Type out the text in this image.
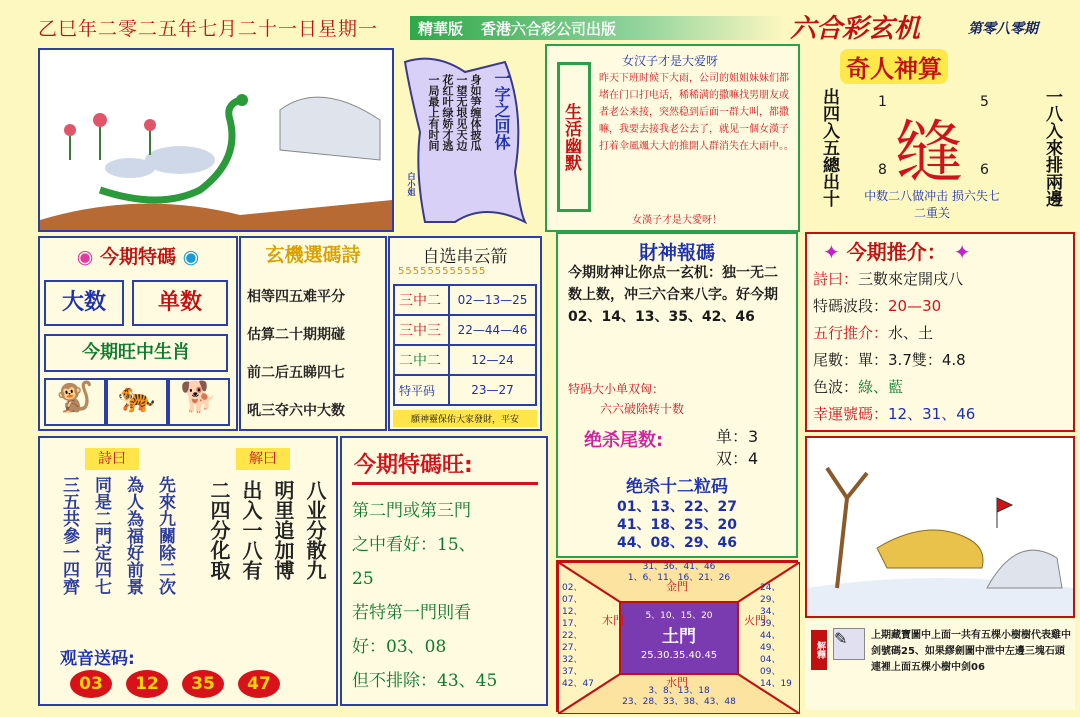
乙巳年二零二五年七月二十一日星期一	精華版 香港六合彩公司出版	六合彩玄机	第零八零期
一字之回体
身如笋缠体披瓜
一望无垠见天边
花红叶绿娇才逃
一局最上有时间
白小姐
生活幽默
女汉子才是大爱呀
昨天下班时候下大雨，公司的姐姐妹妹们都堵在门口打电话，稀稀满的撒嘛找男朋友或者老公来接，突然稳到后面一群大叫，都撒嘛，我要去接我老公去了，就见一個女漢子打着伞風颯大大的推開人群消失在大雨中。。
女漢子才是大愛呀！
奇人神算
出四入五總出十	一八入來排兩邊
缝
1	5
8	6
中数二八做冲击 损六失七二重关
◉ 今期特碼 ◉
大数	单数
今期旺中生肖
🐒 🐅 🐕
玄機選碼詩
相等四五难平分
估算二十期期碰
前二后五睇四七
吼三夺六中大数
自选串云箭
555555555555
三中二	02—13—25
三中三	22—44—46
二中二	12—24
特平码	23—27
願神靈保佑大家發財，平安
財神報碼
今期财神让你点一玄机：独一无二数上数，冲三六合来八字。好今期02、14、13、35、42、46
特码大小单双匈：
六六破除转十数
绝杀尾数:	单：3
双：4
绝杀十二粒码
01、13、22、27
41、18、25、20
44、08、29、46
✦ 今期推介： ✦
詩曰：三數來定開戌八
特碼波段：20—30
五行推介：水、土
尾數：單：3.7雙：4.8
色波：綠、藍
幸運號碼：12、31、46
詩曰	解曰
先來九關除二次
為人為福好前景
同是二門定四七
三五共參一四齊	八业分散九
明里追加博
出入一八有
二四分化取
观音送码:
03 12 35 47
今期特碼旺:
第二門或第三門
之中看好：15、
25
若特第一門則看
好：03、08
但不排除：43、45
金門
31、36、41、46
1、6、11、16、21、26
木門
02、07、12、17、22、27、32、37、42、47
5、10、15、20
土門
25.30.35.40.45
火門
24、29、34、39、44、49、04、09、14、19
水門
3、8、13、18
23、28、33、38、43、48
解釋
✎	上期藏寶圖中上面一共有五棵小樹樹代表雞中剑號碼25、如果繆劍圖中泄中左邊三塊石頭連裡上面五棵小樹中剑06
